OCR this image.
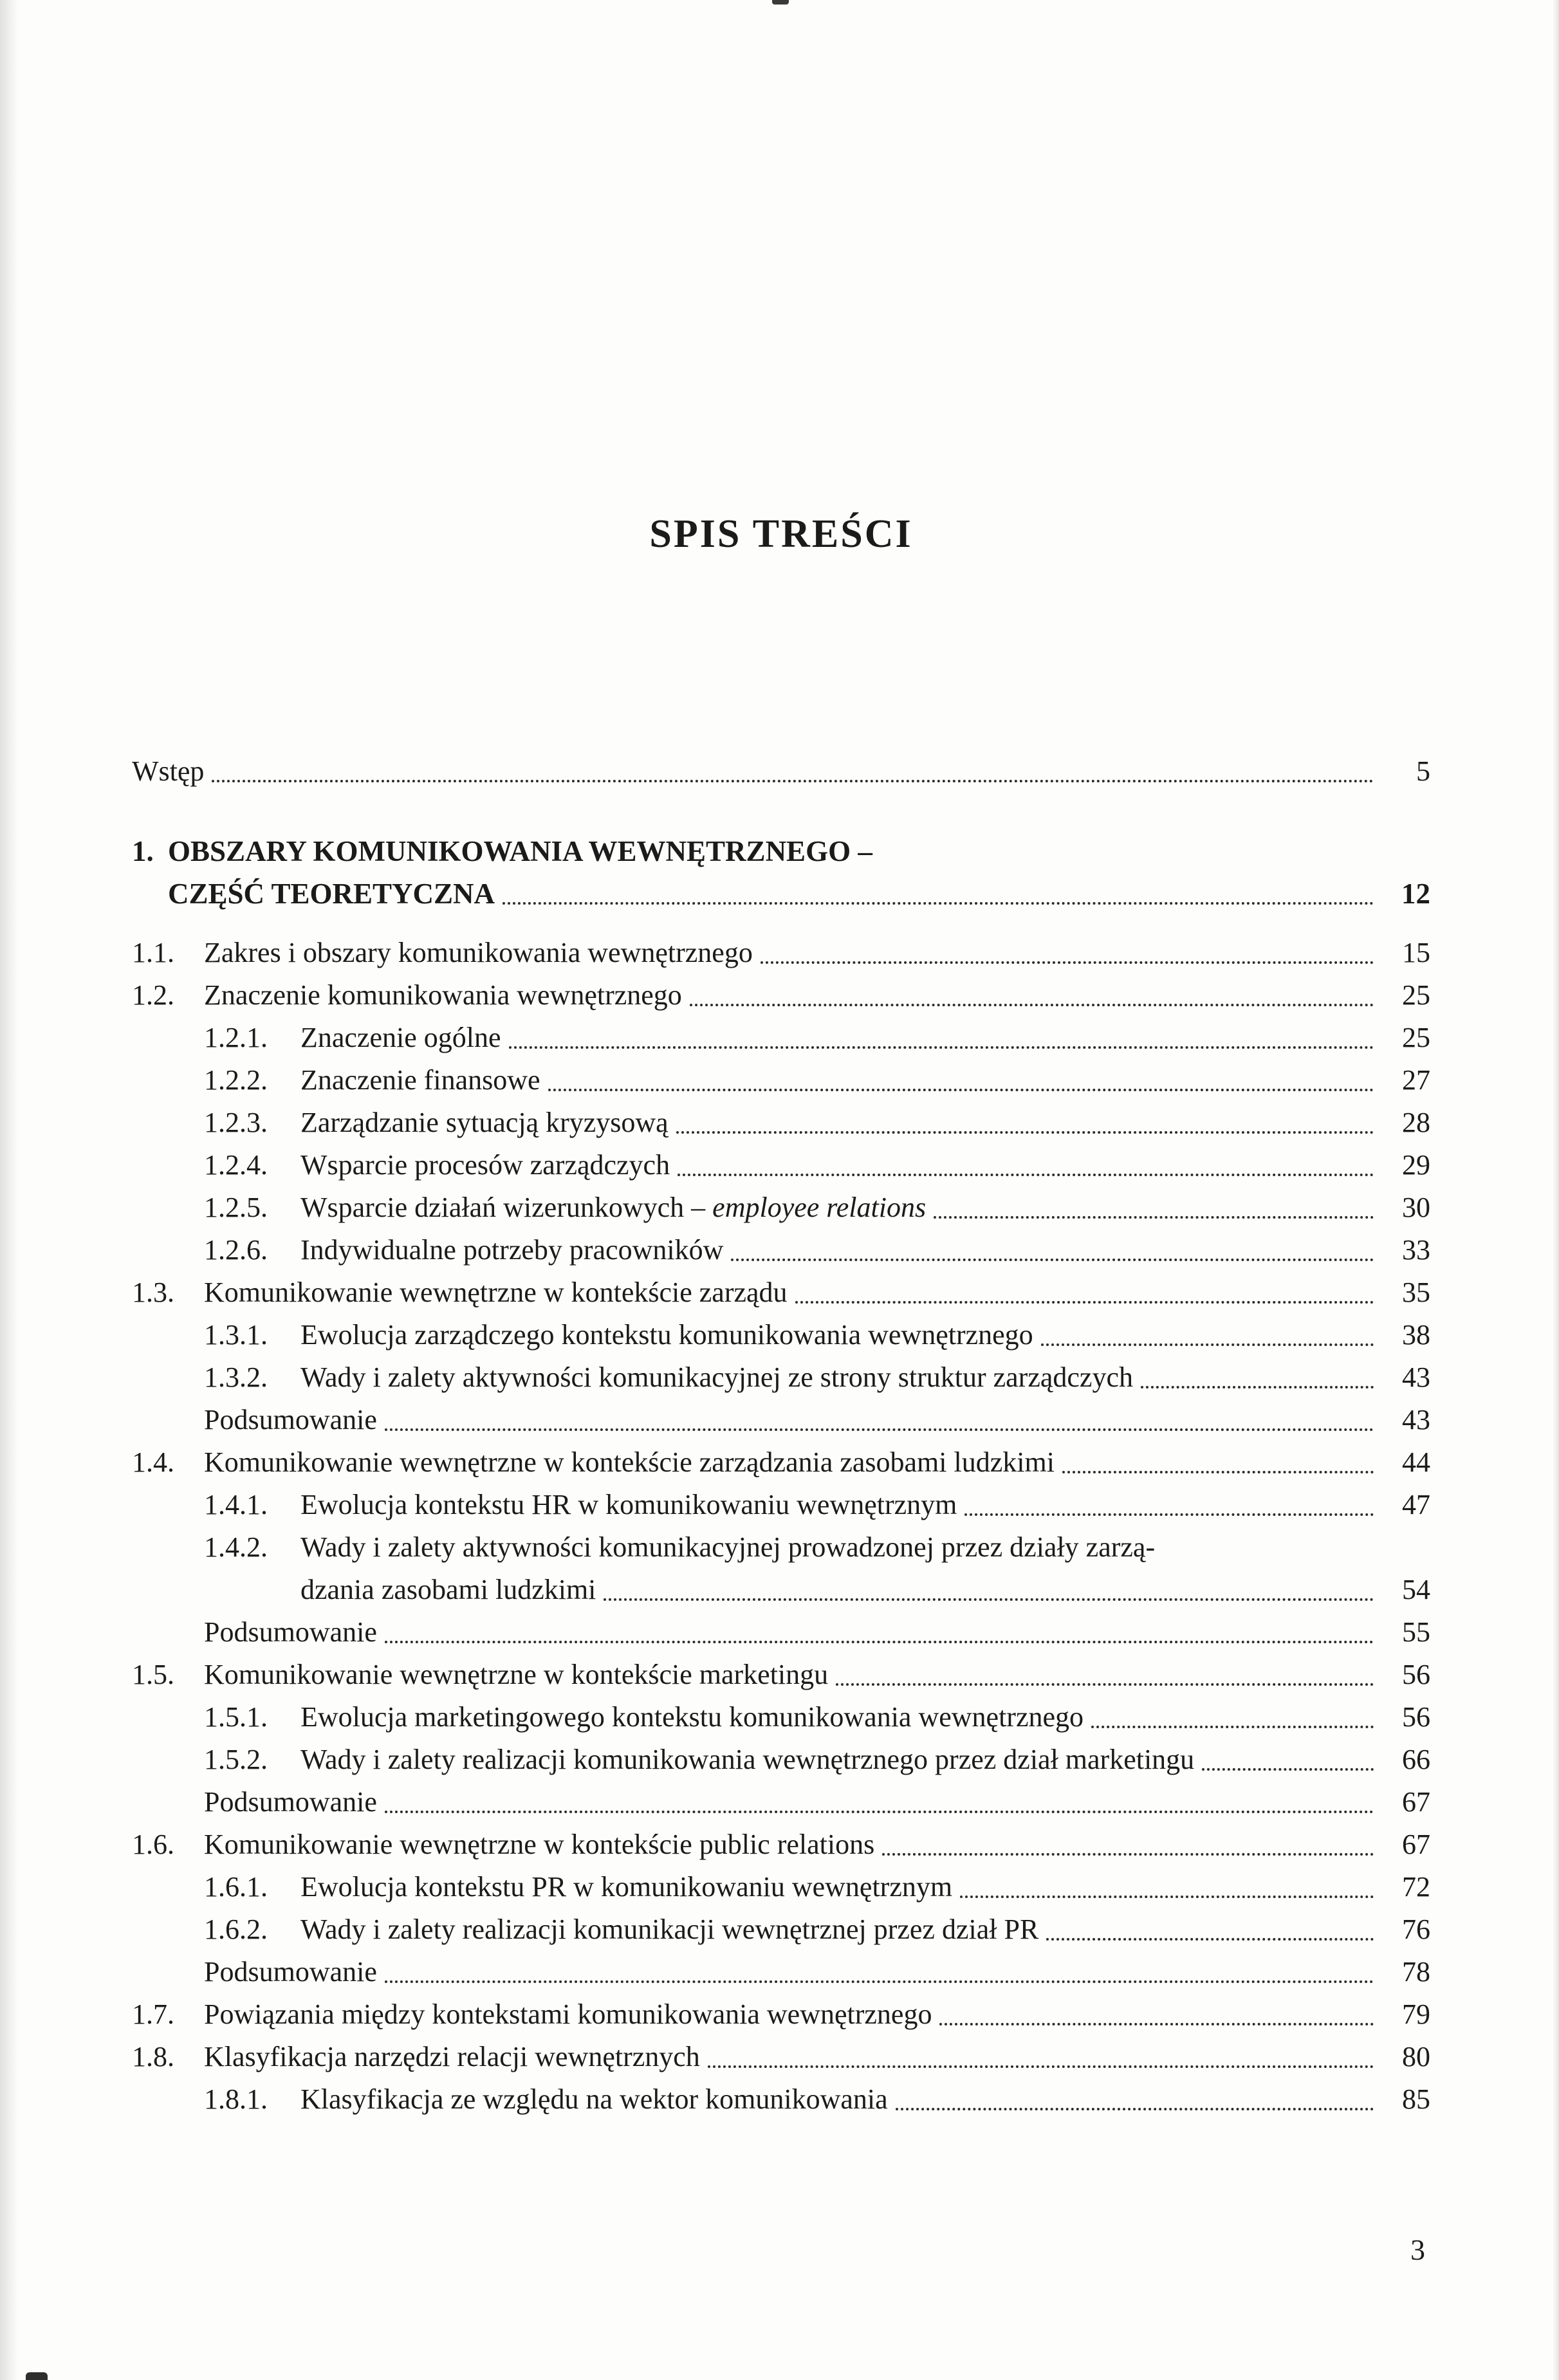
SPIS TREŚCI
Wstęp	5
1. OBSZARY KOMUNIKOWANIA WEWNĘTRZNEGO –
CZĘŚĆ TEORETYCZNA	12
1.1. Zakres i obszary komunikowania wewnętrznego	15
1.2. Znaczenie komunikowania wewnętrznego	25
1.2.1. Znaczenie ogólne	25
1.2.2. Znaczenie finansowe	27
1.2.3. Zarządzanie sytuacją kryzysową	28
1.2.4. Wsparcie procesów zarządczych	29
1.2.5. Wsparcie działań wizerunkowych – employee relations	30
1.2.6. Indywidualne potrzeby pracowników	33
1.3. Komunikowanie wewnętrzne w kontekście zarządu	35
1.3.1. Ewolucja zarządczego kontekstu komunikowania wewnętrznego	38
1.3.2. Wady i zalety aktywności komunikacyjnej ze strony struktur zarządczych	43
Podsumowanie	43
1.4. Komunikowanie wewnętrzne w kontekście zarządzania zasobami ludzkimi	44
1.4.1. Ewolucja kontekstu HR w komunikowaniu wewnętrznym	47
1.4.2. Wady i zalety aktywności komunikacyjnej prowadzonej przez działy zarzą-
dzania zasobami ludzkimi	54
Podsumowanie	55
1.5. Komunikowanie wewnętrzne w kontekście marketingu	56
1.5.1. Ewolucja marketingowego kontekstu komunikowania wewnętrznego	56
1.5.2. Wady i zalety realizacji komunikowania wewnętrznego przez dział marketingu	66
Podsumowanie	67
1.6. Komunikowanie wewnętrzne w kontekście public relations	67
1.6.1. Ewolucja kontekstu PR w komunikowaniu wewnętrznym	72
1.6.2. Wady i zalety realizacji komunikacji wewnętrznej przez dział PR	76
Podsumowanie	78
1.7. Powiązania między kontekstami komunikowania wewnętrznego	79
1.8. Klasyfikacja narzędzi relacji wewnętrznych	80
1.8.1. Klasyfikacja ze względu na wektor komunikowania	85
3
